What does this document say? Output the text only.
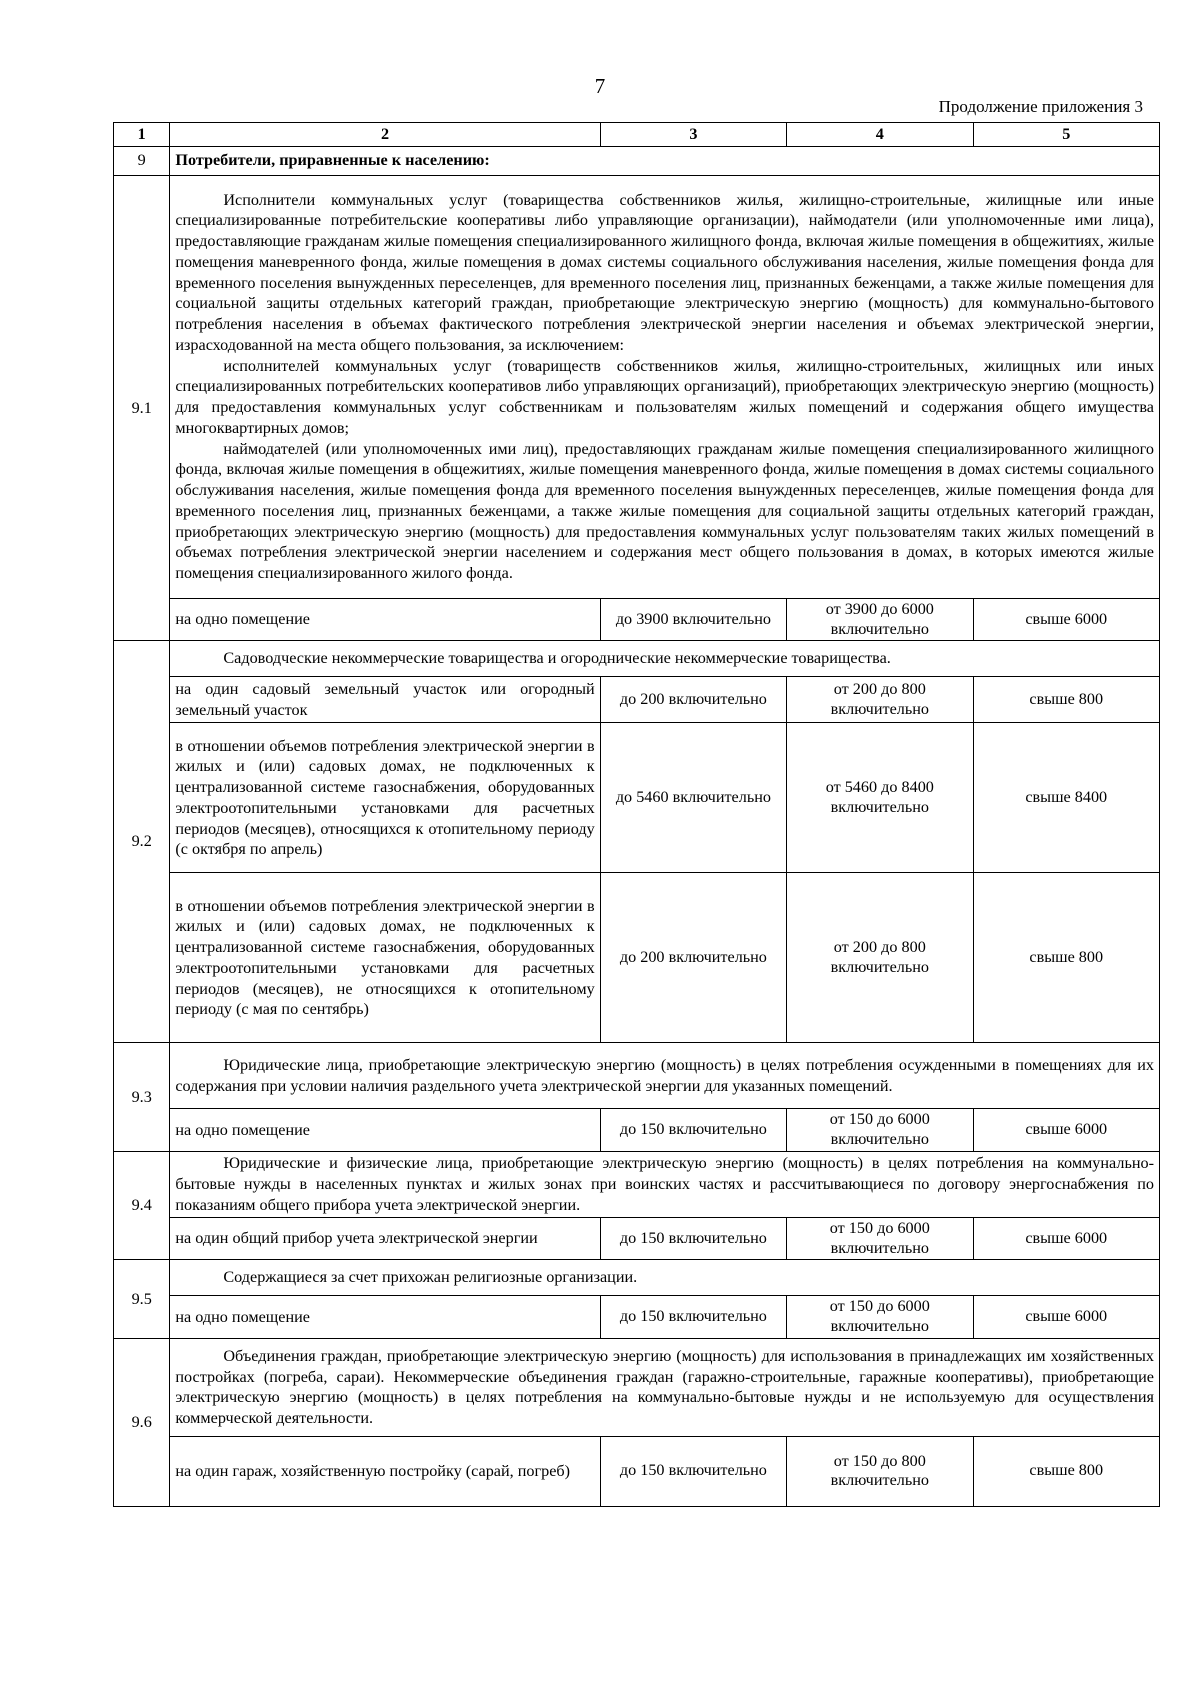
7
Продолжение приложения 3
1	2	3	4	5
9	Потребители, приравненные к населению:			
9.1	Исполнители коммунальных услуг (товарищества собственников жилья, жилищно-строительные, жилищные или иные специализированные потребительские кооперативы либо управляющие организации), наймодатели (или уполномоченные ими лица), предоставляющие гражданам жилые помещения специализированного жилищного фонда, включая жилые помещения в общежитиях, жилые помещения маневренного фонда, жилые помещения в домах системы социального обслуживания населения, жилые помещения фонда для временного поселения вынужденных переселенцев, для временного поселения лиц, признанных беженцами, а также жилые помещения для социальной защиты отдельных категорий граждан, приобретающие электрическую энергию (мощность) для коммунально-бытового потребления населения в объемах фактического потребления электрической энергии населения и объемах электрической энергии, израсходованной на места общего пользования, за исключением:

исполнителей коммунальных услуг (товариществ собственников жилья, жилищно-строительных, жилищных или иных специализированных потребительских кооперативов либо управляющих организаций), приобретающих электрическую энергию (мощность) для предоставления коммунальных услуг собственникам и пользователям жилых помещений и содержания общего имущества многоквартирных домов;

наймодателей (или уполномоченных ими лиц), предоставляющих гражданам жилые помещения специализированного жилищного фонда, включая жилые помещения в общежитиях, жилые помещения маневренного фонда, жилые помещения в домах системы социального обслуживания населения, жилые помещения фонда для временного поселения вынужденных переселенцев, жилые помещения фонда для временного поселения лиц, признанных беженцами, а также жилые помещения для социальной защиты отдельных категорий граждан, приобретающих электрическую энергию (мощность) для предоставления коммунальных услуг пользователям таких жилых помещений в объемах потребления электрической энергии населением и содержания мест общего пользования в домах, в которых имеются жилые помещения специализированного жилого фонда.			

	на одно помещение	до 3900 включительно	от 3900 до 6000 включительно	свыше 6000
9.2	Садоводческие некоммерческие товарищества и огороднические некоммерческие товарищества.			

	на один садовый земельный участок или огородный земельный участок	до 200 включительно	от 200 до 800 включительно	свыше 800
	в отношении объемов потребления электрической энергии в жилых и (или) садовых домах, не подключенных к централизованной системе газоснабжения, оборудованных электроотопительными установками для расчетных периодов (месяцев), относящихся к отопительному периоду (с октября по апрель)	до 5460 включительно	от 5460 до 8400 включительно	свыше 8400
	в отношении объемов потребления электрической энергии в жилых и (или) садовых домах, не подключенных к централизованной системе газоснабжения, оборудованных электроотопительными установками для расчетных периодов (месяцев), не относящихся к отопительному периоду (с мая по сентябрь)	до 200 включительно	от 200 до 800 включительно	свыше 800
9.3	Юридические лица, приобретающие электрическую энергию (мощность) в целях потребления осужденными в помещениях для их содержания при условии наличия раздельного учета электрической энергии для указанных помещений.			

	на одно помещение	до 150 включительно	от 150 до 6000 включительно	свыше 6000
9.4	Юридические и физические лица, приобретающие электрическую энергию (мощность) в целях потребления на коммунально-бытовые нужды в населенных пунктах и жилых зонах при воинских частях и рассчитывающиеся по договору энергоснабжения по показаниям общего прибора учета электрической энергии.			

	на один общий прибор учета электрической энергии	до 150 включительно	от 150 до 6000 включительно	свыше 6000
9.5	Содержащиеся за счет прихожан религиозные организации.			

	на одно помещение	до 150 включительно	от 150 до 6000 включительно	свыше 6000
9.6	Объединения граждан, приобретающие электрическую энергию (мощность) для использования в принадлежащих им хозяйственных постройках (погреба, сараи). Некоммерческие объединения граждан (гаражно-строительные, гаражные кооперативы), приобретающие электрическую энергию (мощность) в целях потребления на коммунально-бытовые нужды и не используемую для осуществления коммерческой деятельности.			

	на один гараж, хозяйственную постройку (сарай, погреб)	до 150 включительно	от 150 до 800 включительно	свыше 800
